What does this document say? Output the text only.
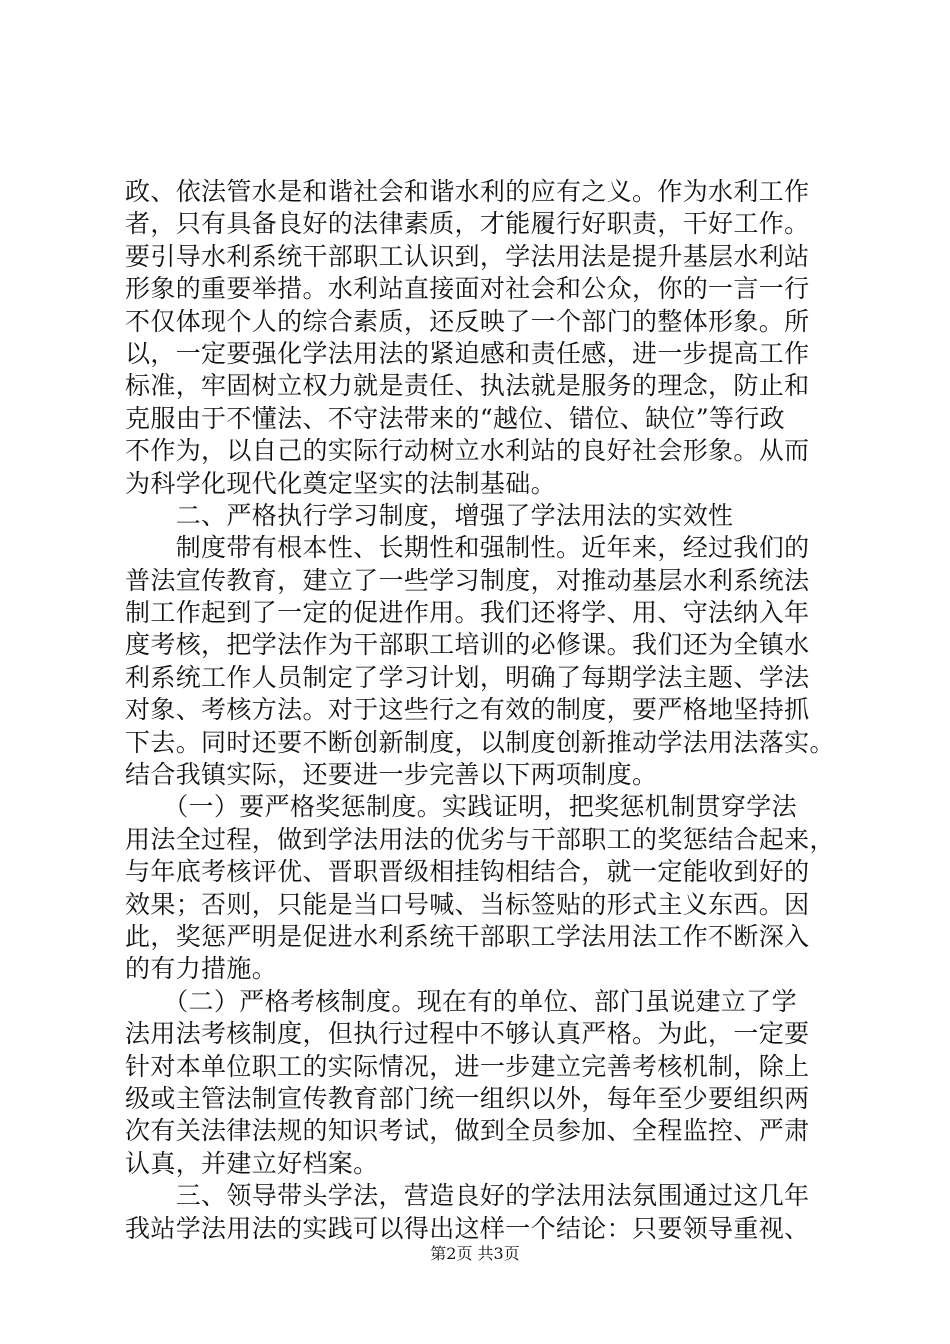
政、依法管水是和谐社会和谐水利的应有之义。作为水利工作
者，只有具备良好的法律素质，才能履行好职责，干好工作。
要引导水利系统干部职工认识到，学法用法是提升基层水利站
形象的重要举措。水利站直接面对社会和公众，你的一言一行
不仅体现个人的综合素质，还反映了一个部门的整体形象。所
以，一定要强化学法用法的紧迫感和责任感，进一步提高工作
标准，牢固树立权力就是责任、执法就是服务的理念，防止和
克服由于不懂法、不守法带来的“越位、错位、缺位”等行政
不作为，以自己的实际行动树立水利站的良好社会形象。从而
为科学化现代化奠定坚实的法制基础。
　　二、严格执行学习制度，增强了学法用法的实效性
　　制度带有根本性、长期性和强制性。近年来，经过我们的
普法宣传教育，建立了一些学习制度，对推动基层水利系统法
制工作起到了一定的促进作用。我们还将学、用、守法纳入年
度考核，把学法作为干部职工培训的必修课。我们还为全镇水
利系统工作人员制定了学习计划，明确了每期学法主题、学法
对象、考核方法。对于这些行之有效的制度，要严格地坚持抓
下去。同时还要不断创新制度，以制度创新推动学法用法落实。
结合我镇实际，还要进一步完善以下两项制度。
　　（一）要严格奖惩制度。实践证明，把奖惩机制贯穿学法
用法全过程，做到学法用法的优劣与干部职工的奖惩结合起来，
与年底考核评优、晋职晋级相挂钩相结合，就一定能收到好的
效果；否则，只能是当口号喊、当标签贴的形式主义东西。因
此，奖惩严明是促进水利系统干部职工学法用法工作不断深入
的有力措施。
　　（二）严格考核制度。现在有的单位、部门虽说建立了学
法用法考核制度，但执行过程中不够认真严格。为此，一定要
针对本单位职工的实际情况，进一步建立完善考核机制，除上
级或主管法制宣传教育部门统一组织以外，每年至少要组织两
次有关法律法规的知识考试，做到全员参加、全程监控、严肃
认真，并建立好档案。
　　三、领导带头学法，营造良好的学法用法氛围通过这几年
我站学法用法的实践可以得出这样一个结论：只要领导重视、
第2页 共3页
